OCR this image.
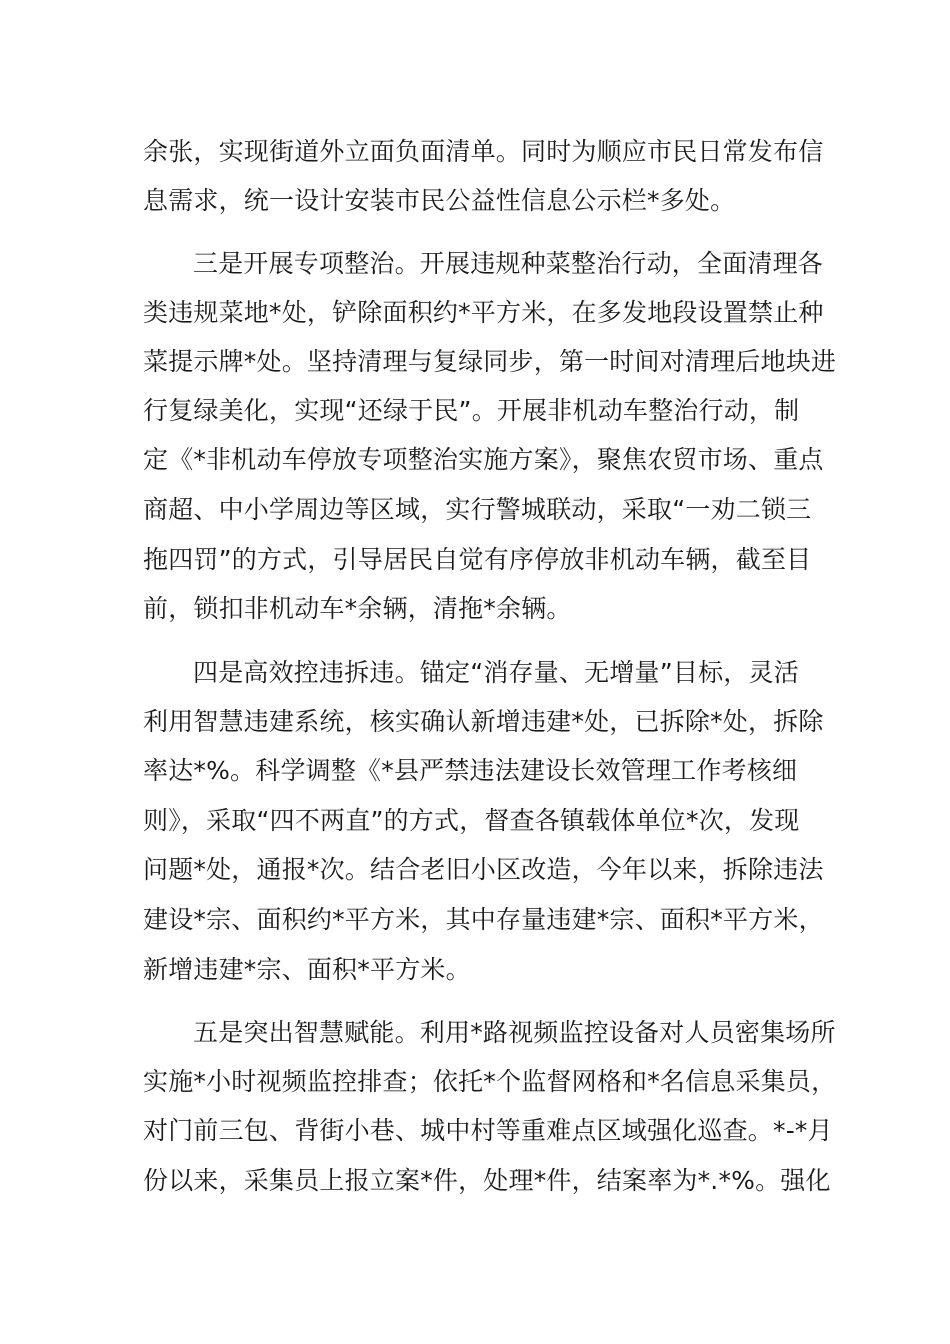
余张，实现街道外立面负面清单。同时为顺应市民日常发布信
息需求，统一设计安装市民公益性信息公示栏*多处。
三是开展专项整治。开展违规种菜整治行动，全面清理各
类违规菜地*处，铲除面积约*平方米，在多发地段设置禁止种
菜提示牌*处。坚持清理与复绿同步，第一时间对清理后地块进
行复绿美化，实现“还绿于民”。开展非机动车整治行动，制
定《*非机动车停放专项整治实施方案》，聚焦农贸市场、重点
商超、中小学周边等区域，实行警城联动，采取“一劝二锁三
拖四罚”的方式，引导居民自觉有序停放非机动车辆，截至目
前，锁扣非机动车*余辆，清拖*余辆。
四是高效控违拆违。锚定“消存量、无增量”目标，灵活
利用智慧违建系统，核实确认新增违建*处，已拆除*处，拆除
率达*%。科学调整《*县严禁违法建设长效管理工作考核细
则》，采取“四不两直”的方式，督查各镇载体单位*次，发现
问题*处，通报*次。结合老旧小区改造，今年以来，拆除违法
建设*宗、面积约*平方米，其中存量违建*宗、面积*平方米，
新增违建*宗、面积*平方米。
五是突出智慧赋能。利用*路视频监控设备对人员密集场所
实施*小时视频监控排查；依托*个监督网格和*名信息采集员，
对门前三包、背街小巷、城中村等重难点区域强化巡查。*-*月
份以来，采集员上报立案*件，处理*件，结案率为*.*%。强化
